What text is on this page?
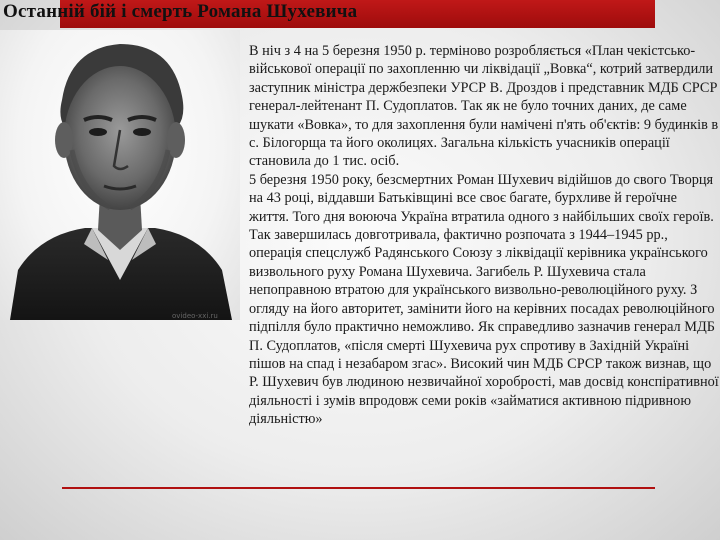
Останній бій і смерть Романа Шухевича
ovideo-xxi.ru

В ніч з 4 на 5 березня 1950 р. терміново розробляється «План чекістсько-військової операції по захопленню чи ліквідації „Вовка“, котрий затвердили заступник міністра держбезпеки УРСР В. Дроздов і представник МДБ СРСР генерал-лейтенант П. Судоплатов. Так як не було точних даних, де саме шукати «Вовка», то для захоплення були намічені п'ять об'єктів: 9 будинків в с. Білогорща та його околицях. Загальна кількість учасників операції становила до 1 тис. осіб.

5 березня 1950 року, безсмертних Роман Шухевич відійшов до свого Творця на 43 році, віддавши Батьківщині все своє багате, бурхливе й героїчне життя. Того дня воююча Україна втратила одного з найбільших своїх героїв. Так завершилась довготривала, фактично розпочата з 1944–1945 рр., операція спецслужб Радянського Союзу з ліквідації керівника українського визвольного руху Романа Шухевича. Загибель Р. Шухевича стала непоправною втратою для українського визвольно-революційного руху. З огляду на його авторитет, замінити його на керівних посадах революційного підпілля було практично неможливо. Як справедливо зазначив генерал МДБ П. Судоплатов, «після смерті Шухевича рух спротиву в Західній Україні пішов на спад і незабаром згас». Високий чин МДБ СРСР також визнав, що Р. Шухевич був людиною незвичайної хоробрості, мав досвід конспіративної діяльності і зумів впродовж семи років «займатися активною підривною діяльністю»
